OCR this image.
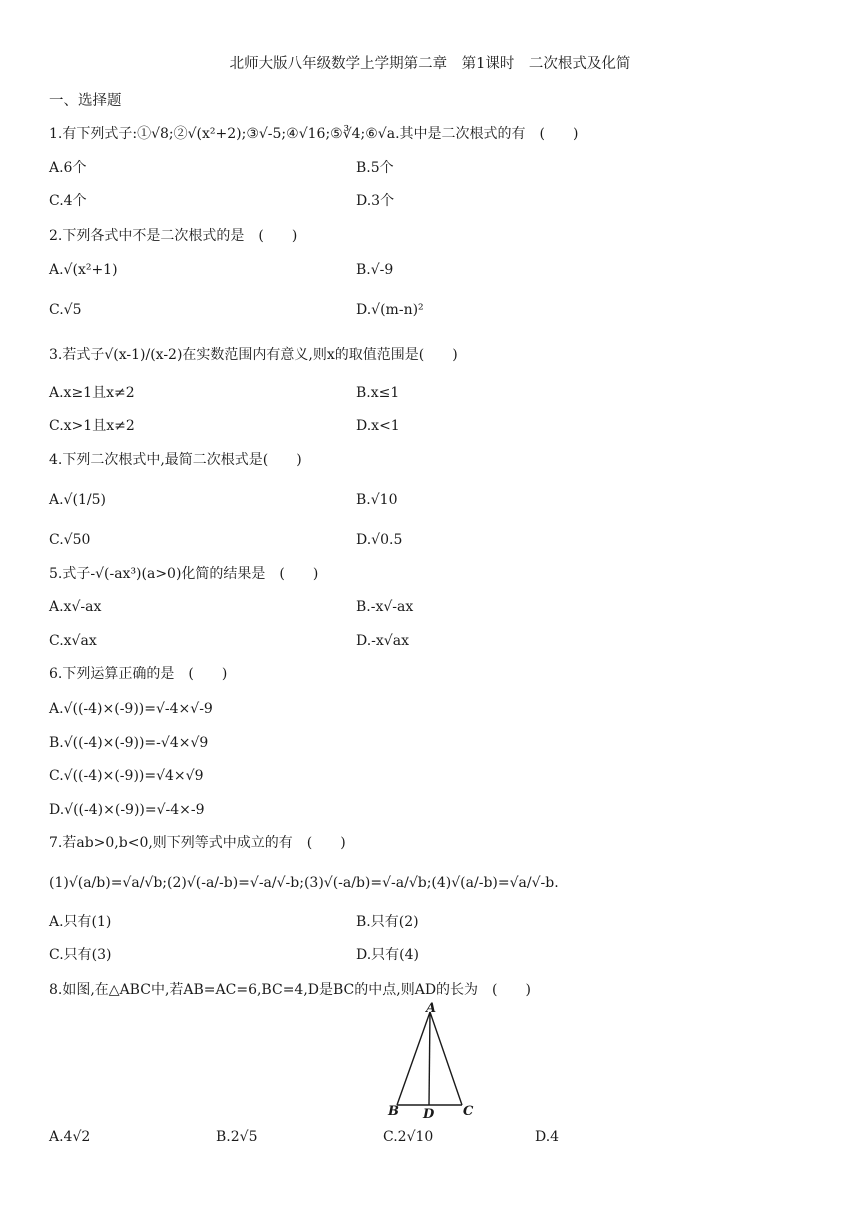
北师大版八年级数学上学期第二章　第1课时　二次根式及化简
一、选择题
1.有下列式子:①√8;②√(x²+2);③√-5;④√16;⑤∛4;⑥√a.其中是二次根式的有　(　　)
A.6个	B.5个
C.4个	D.3个
2.下列各式中不是二次根式的是　(　　)
A.√(x²+1)	B.√-9
C.√5	D.√(m-n)²
3.若式子√(x-1)/(x-2)在实数范围内有意义,则x的取值范围是(　　)
A.x≥1且x≠2	B.x≤1
C.x>1且x≠2	D.x<1
4.下列二次根式中,最简二次根式是(　　)
A.√(1/5)	B.√10
C.√50	D.√0.5
5.式子-√(-ax³)(a>0)化简的结果是　(　　)
A.x√-ax	B.-x√-ax
C.x√ax	D.-x√ax
6.下列运算正确的是　(　　)
A.√((-4)×(-9))=√-4×√-9
B.√((-4)×(-9))=-√4×√9
C.√((-4)×(-9))=√4×√9
D.√((-4)×(-9))=√-4×-9
7.若ab>0,b<0,则下列等式中成立的有　(　　)
(1)√(a/b)=√a/√b;(2)√(-a/-b)=√-a/√-b;(3)√(-a/b)=√-a/√b;(4)√(a/-b)=√a/√-b.
A.只有(1)	B.只有(2)
C.只有(3)	D.只有(4)
8.如图,在△ABC中,若AB=AC=6,BC=4,D是BC的中点,则AD的长为　(　　)
A
B D C
A.4√2	B.2√5	C.2√10	D.4
